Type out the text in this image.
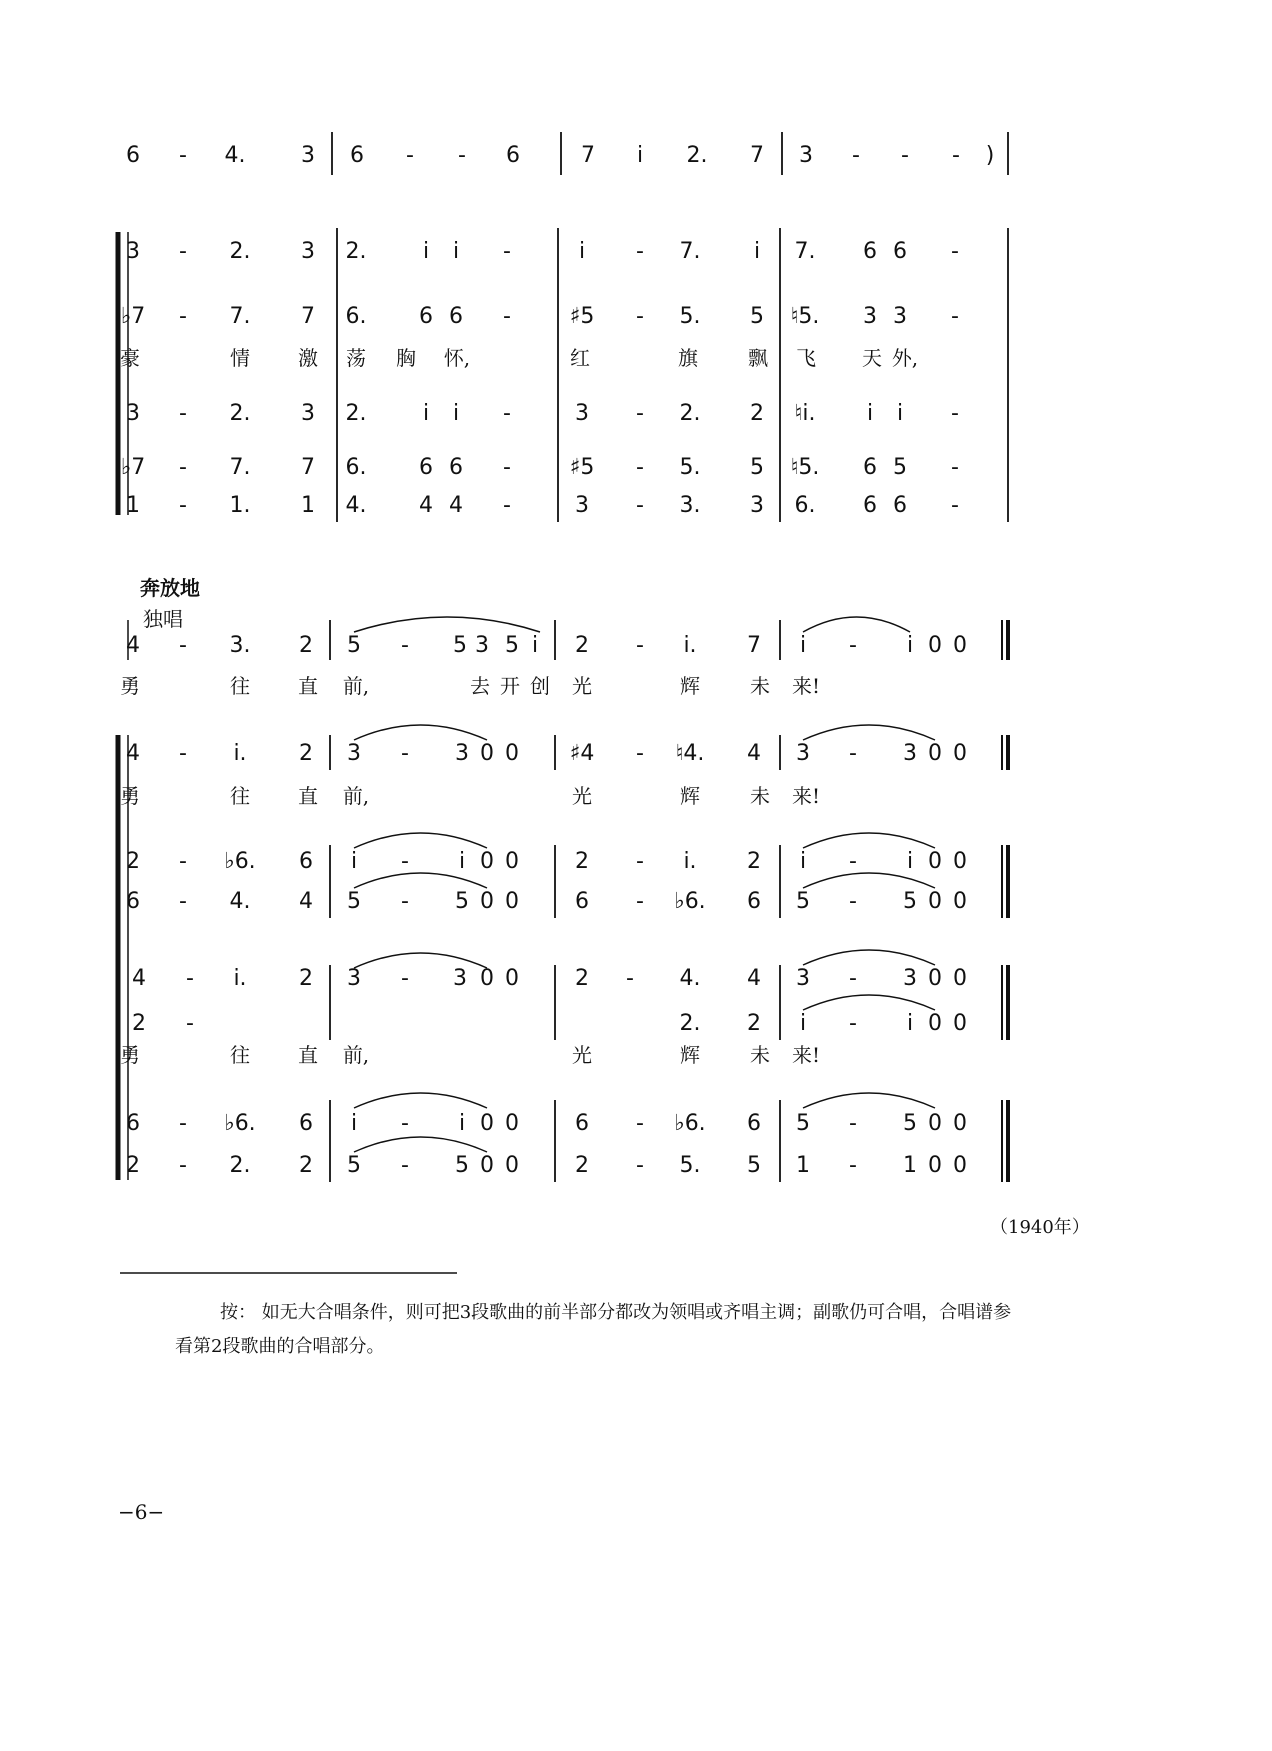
6 - 4.	3 6 - - 6	7 i 2. 7 3 - - - )
3 - 2. 3 2.	i i -	i - 7. i 7. 6 6 -
♭7 - 7. 7 6. 6 6 -	♯5 - 5. 5 ♮5. 3 3 -
3 - 2. 3 2.	i i -	3 - 2. 2 ♮i. i i -
♭7 - 7. 7 6. 6 6 -	♯5 - 5. 5 ♮5. 6 5 -
1 - 1. 1 4. 4 4 -	3 - 3. 3 6. 6 6 -
豪	情 激 荡 胸 怀,	红	旗	飘 飞 天 外,
4 - 3. 2 5 - 5 3 5 i 2 - i. 7 i - i 0 0
勇	往 直 前,	去 开 创 光	辉	未 来!
4 - i. 2 3 - 3 0 0 ♯4 - ♮4. 4 3 - 3 0 0
2 - ♭6. 6 i - i 0 0	2 - i. 2 i - i 0 0
6 - 4. 4 5 - 5 0 0	6 - ♭6. 6 5 - 5 0 0
勇	往 直 前,	光	辉	未 来!
4 - i. 2 3 - 3 0 0	2 - 4. 4 3 - 3 0 0
2 -	2. 2 i - i 0 0
勇	往 直 前,	光	辉	未 来!
6 - ♭6. 6 i - i 0 0	6 - ♭6. 6 5 - 5 0 0
2 - 2. 2 5 - 5 0 0	2 - 5. 5 1 - 1 0 0
奔放地
独唱
（1940年）
按： 如无大合唱条件，则可把3段歌曲的前半部分都改为领唱或齐唱主调；副歌仍可合唱，合唱谱参
看第2段歌曲的合唱部分。
−6−
